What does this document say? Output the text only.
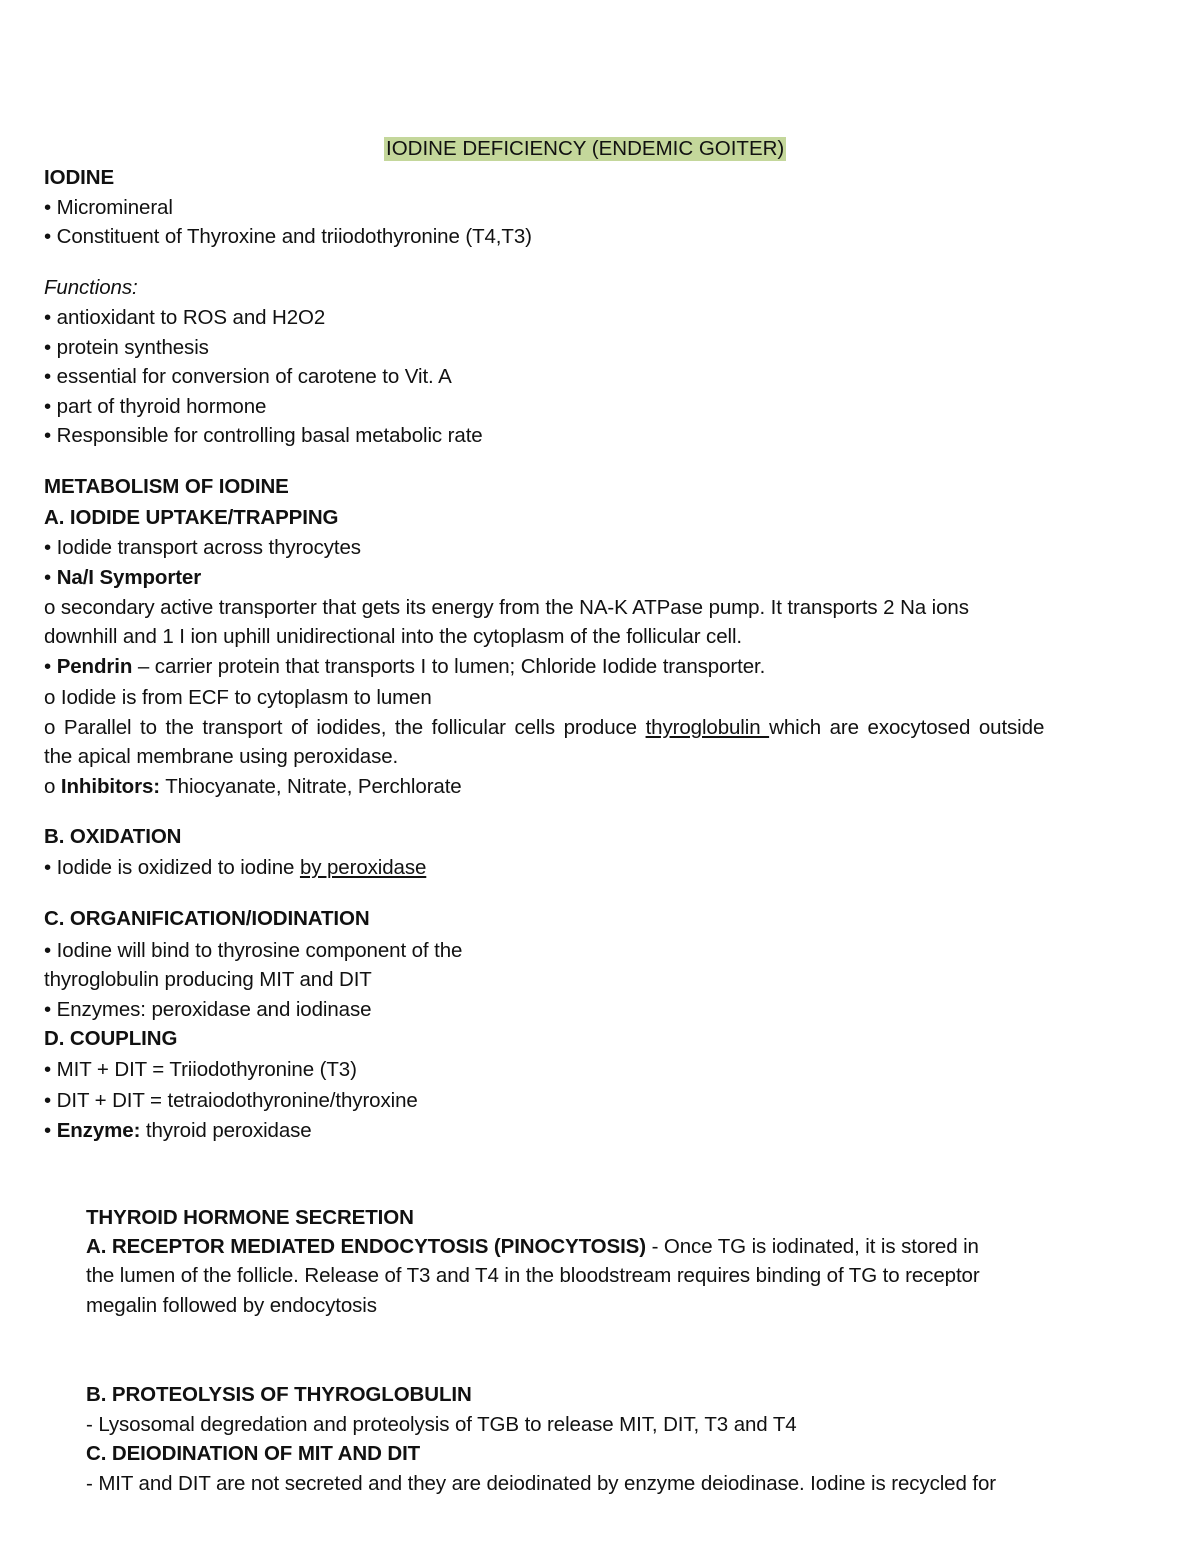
IODINE DEFICIENCY (ENDEMIC GOITER)

IODINE

• Micromineral

• Constituent of Thyroxine and triiodothyronine (T4,T3)

Functions:

• antioxidant to ROS and H2O2

• protein synthesis

• essential for conversion of carotene to Vit. A

• part of thyroid hormone

• Responsible for controlling basal metabolic rate

METABOLISM OF IODINE

A. IODIDE UPTAKE/TRAPPING

• Iodide transport across thyrocytes

• Na/I Symporter

o secondary active transporter that gets its energy from the NA-K ATPase pump. It transports 2 Na ions

downhill and 1 I ion uphill unidirectional into the cytoplasm of the follicular cell.

• Pendrin – carrier protein that transports I to lumen; Chloride Iodide transporter.

o Iodide is from ECF to cytoplasm to lumen

o Parallel to the transport of iodides, the follicular cells produce thyroglobulin which are exocytosed outside

the apical membrane using peroxidase.

o Inhibitors: Thiocyanate, Nitrate, Perchlorate

B. OXIDATION

• Iodide is oxidized to iodine by peroxidase

C. ORGANIFICATION/IODINATION

• Iodine will bind to thyrosine component of the

thyroglobulin producing MIT and DIT

• Enzymes: peroxidase and iodinase

D. COUPLING

• MIT + DIT = Triiodothyronine (T3)

• DIT + DIT = tetraiodothyronine/thyroxine

• Enzyme: thyroid peroxidase

THYROID HORMONE SECRETION

A. RECEPTOR MEDIATED ENDOCYTOSIS (PINOCYTOSIS) - Once TG is iodinated, it is stored in

the lumen of the follicle. Release of T3 and T4 in the bloodstream requires binding of TG to receptor

megalin followed by endocytosis

B. PROTEOLYSIS OF THYROGLOBULIN

- Lysosomal degredation and proteolysis of TGB to release MIT, DIT, T3 and T4

C. DEIODINATION OF MIT AND DIT

- MIT and DIT are not secreted and they are deiodinated by enzyme deiodinase. Iodine is recycled for
